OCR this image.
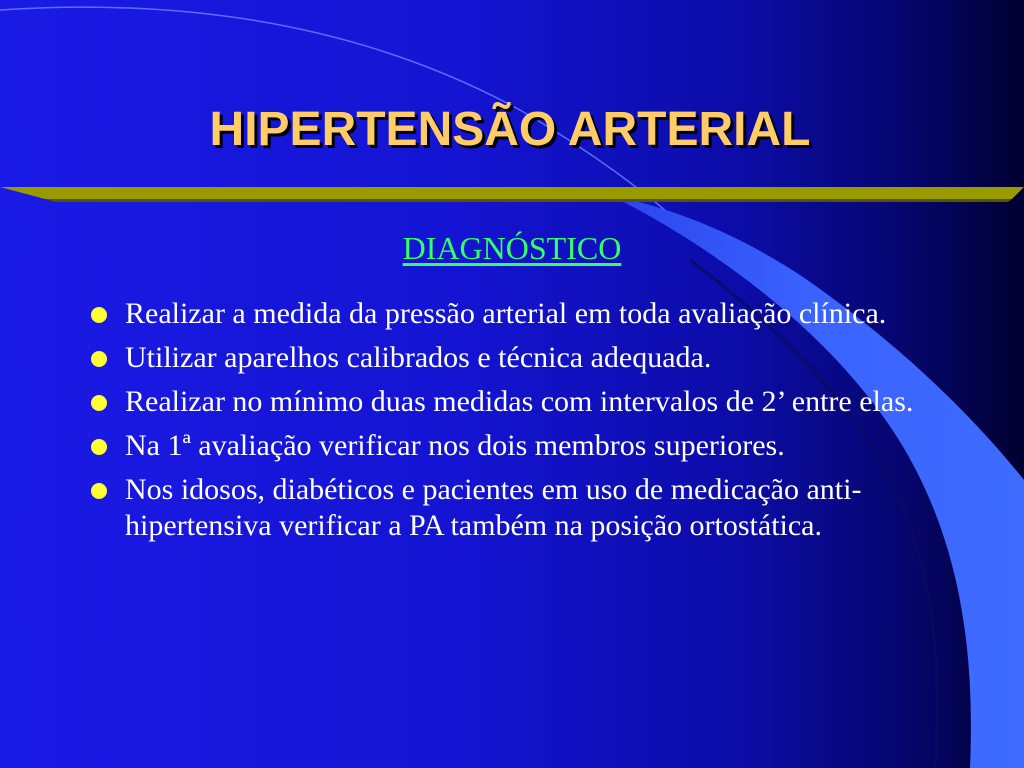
HIPERTENSÃO ARTERIAL
DIAGNÓSTICO
Realizar a medida da pressão arterial em toda avaliação clínica.
Utilizar aparelhos calibrados e técnica adequada.
Realizar no mínimo duas medidas com intervalos de 2’ entre elas.
Na 1ª avaliação verificar nos dois membros superiores.
Nos idosos, diabéticos e pacientes em uso de medicação anti-hipertensiva verificar a PA também na posição ortostática.
